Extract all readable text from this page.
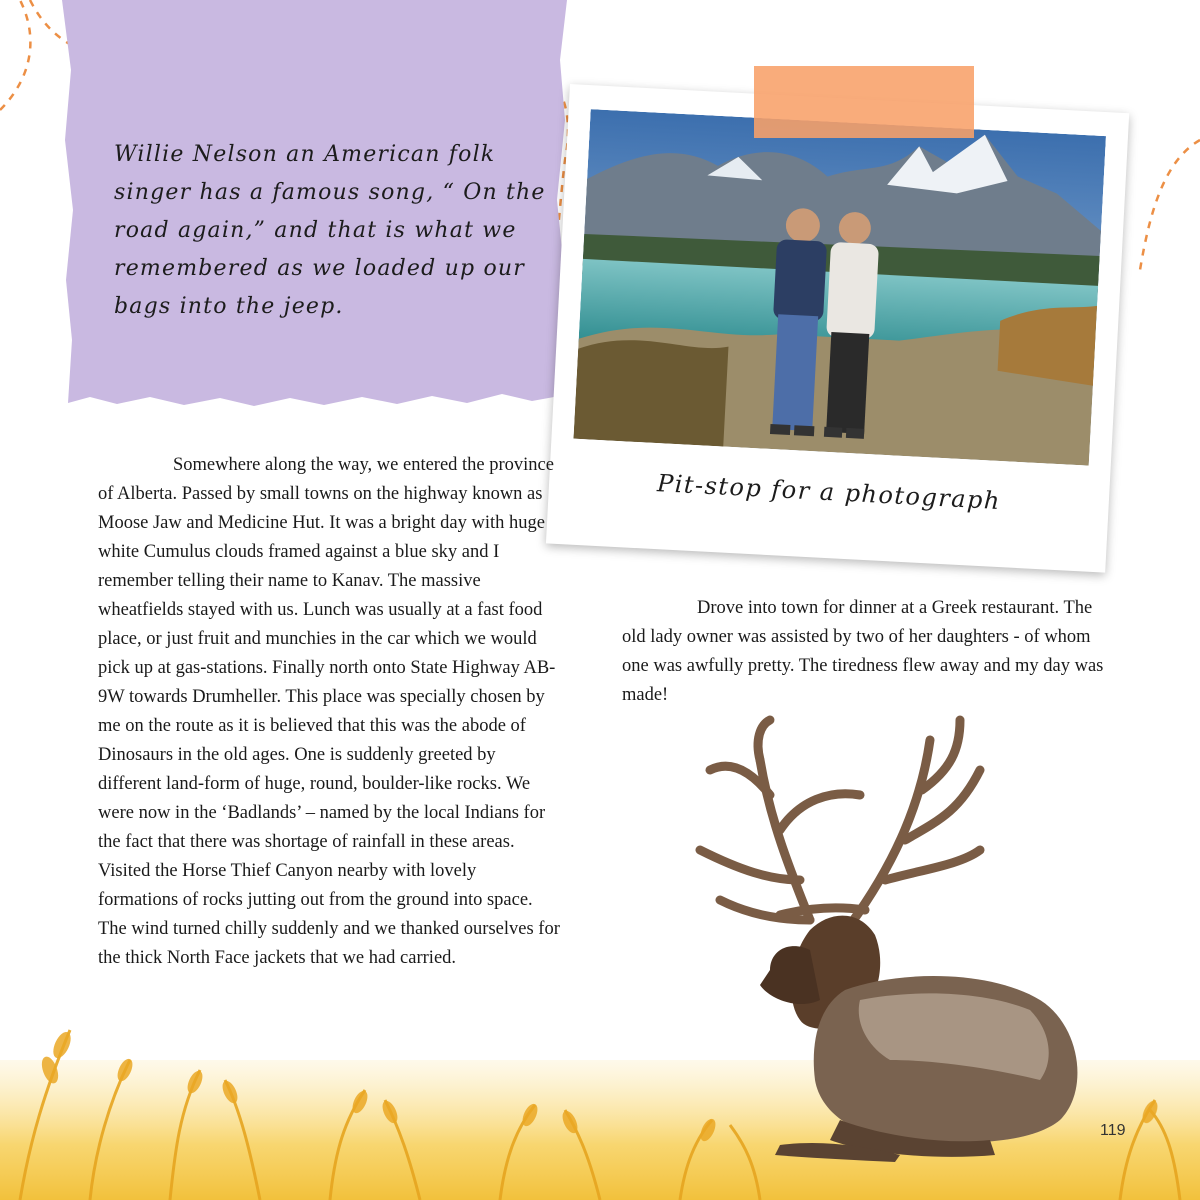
Willie Nelson an American folk singer has a famous song, “ On the road again,” and that is what we remembered as we loaded up our bags into the jeep.
Pit-stop for a photograph

Somewhere along the way, we entered the province of Alberta. Passed by small towns on the highway known as Moose Jaw and Medicine Hut. It was a bright day with huge white Cumulus clouds framed against a blue sky and I remember telling their name to Kanav. The massive wheatfields stayed with us. Lunch was usually at a fast food place, or just fruit and munchies in the car which we would pick up at gas-stations. Finally north onto State Highway AB-9W towards Drumheller. This place was specially chosen by me on the route as it is believed that this was the abode of Dinosaurs in the old ages. One is suddenly greeted by different land-form of huge, round, boulder-like rocks. We were now in the ‘Badlands’ – named by the local Indians for the fact that there was shortage of rainfall in these areas. Visited the Horse Thief Canyon nearby with lovely formations of rocks jutting out from the ground into space. The wind turned chilly suddenly and we thanked ourselves for the thick North Face jackets that we had carried.

Drove into town for dinner at a Greek restaurant. The old lady owner was assisted by two of her daughters - of whom one was awfully pretty. The tiredness flew away and my day was made!

119
